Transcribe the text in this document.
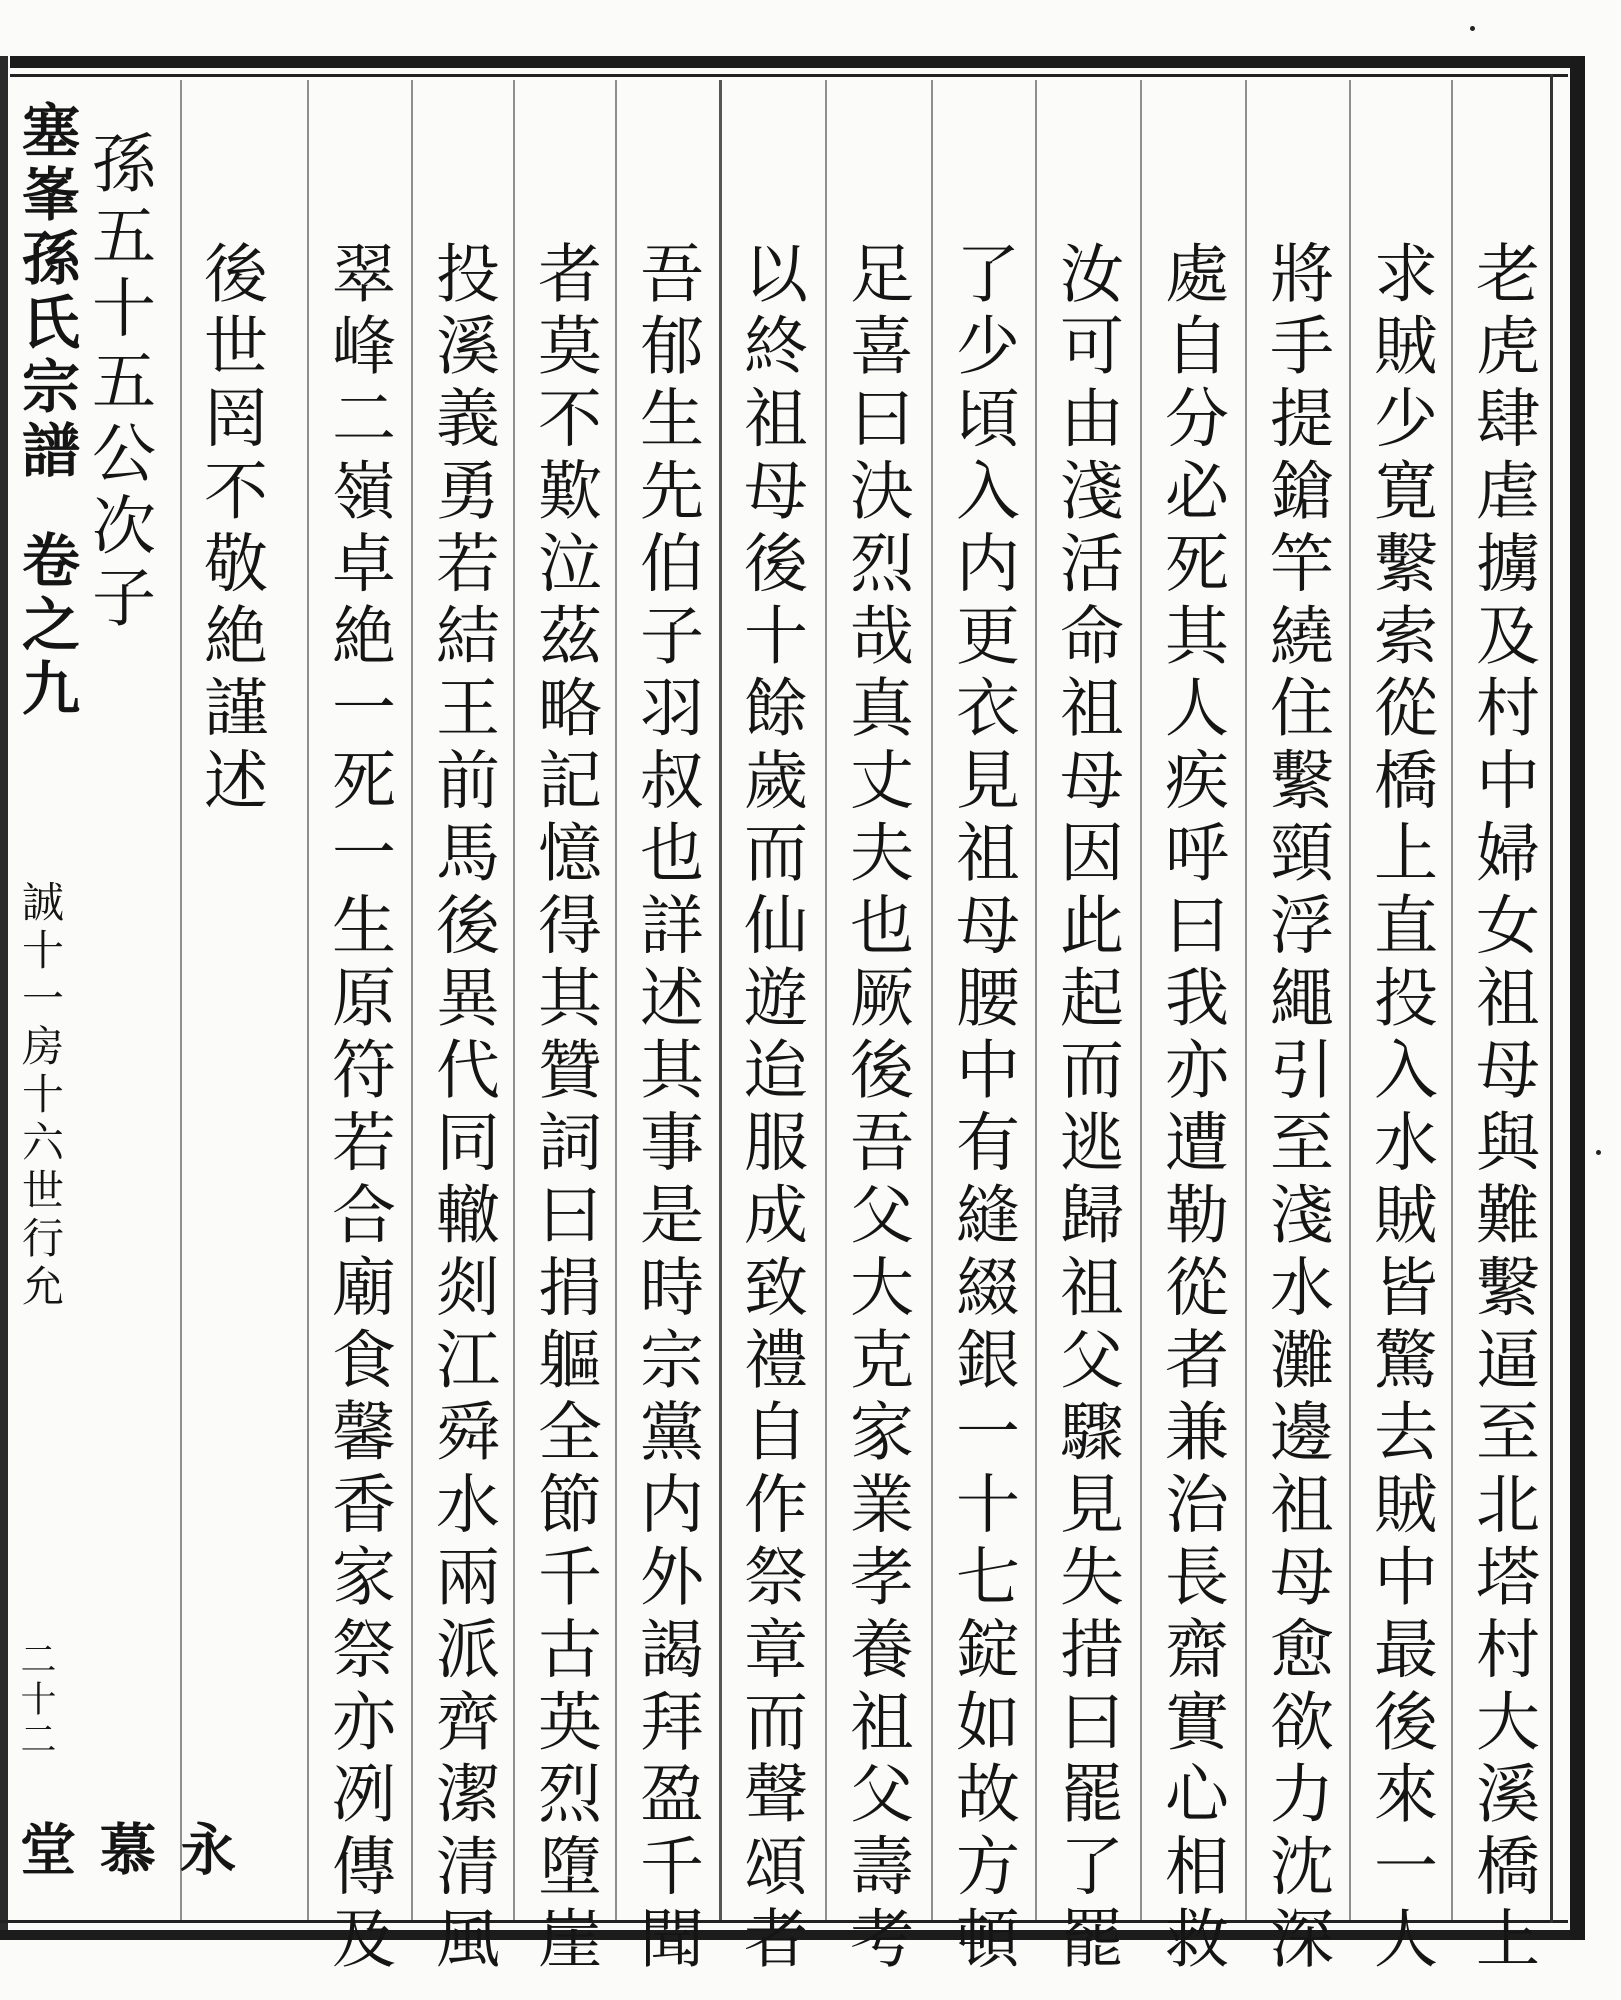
老虎肆虐擄及村中婦女祖母與難繫逼至北塔村大溪橋上
求賊少寛繫索從橋上直投入水賊皆驚去賊中最後來一人
將手提鎗竿繞住繫頸浮繩引至淺水灘邊祖母愈欲力沈深
處自分必死其人疾呼曰我亦遭勒從者兼治長齋實心相救
汝可由淺活命祖母因此起而逃歸祖父驟見失措曰罷了罷
了少頃入内更衣見祖母腰中有縫綴銀一十七錠如故方頓
足喜曰決烈哉真丈夫也厥後吾父大克家業孝養祖父壽考
以終祖母後十餘歲而仙遊迨服成致禮自作祭章而聲頌者
吾郁生先伯子羽叔也詳述其事是時宗黨内外謁拜盈千聞
者莫不歎泣茲略記憶得其贊詞曰捐軀全節千古英烈墮崖
投溪義勇若結王前馬後異代同轍剡江舜水兩派齊潔清風
翠峰二嶺卓絶一死一生原符若合廟食馨香家祭亦冽傳及
後世罔不敬絶謹述
孫五十五公次子
塞峯孫氏宗譜
卷之九
誠十一房十六世行允
二十二
永慕堂
